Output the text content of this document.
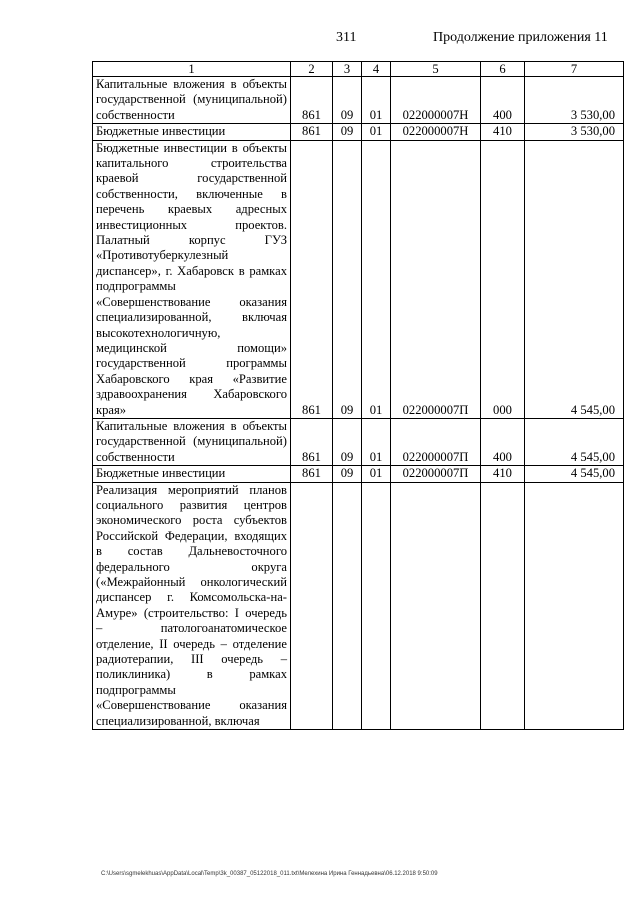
311	Продолжение приложения 11
1	2	3	4	5	6	7
Капитальные вложения в объекты государственной (муниципальной) собственности	861	09	01	022000007Н	400	3 530,00
Бюджетные инвестиции	861	09	01	022000007Н	410	3 530,00
Бюджетные инвестиции в объекты капитального строительства краевой государственной собственности, включенные в перечень краевых адресных инвестиционных проектов. Палатный корпус ГУЗ «Противотуберкулезный диспансер», г. Хабаровск в рамках подпрограммы «Совершенствование оказания специализированной, включая высокотехнологичную, медицинской помощи» государственной программы Хабаровского края «Развитие здравоохранения Хабаровского края»	861	09	01	022000007П	000	4 545,00
Капитальные вложения в объекты государственной (муниципальной) собственности	861	09	01	022000007П	400	4 545,00
Бюджетные инвестиции	861	09	01	022000007П	410	4 545,00
Реализация мероприятий планов социального развития центров экономического роста субъектов Российской Федерации, входящих в состав Дальневосточного федерального округа («Межрайонный онкологический диспансер г. Комсомольска-на-Амуре» (строительство: I очередь – патологоанатомическое отделение, II очередь – отделение радиотерапии, III очередь – поликлиника) в рамках подпрограммы «Совершенствование оказания специализированной, включая						
C:\Users\sgmelekhuas\AppData\Local\Temp\3k_00387_05122018_011.txt\Мелехина Ирина Геннадьевна\06.12.2018 9:50:09
